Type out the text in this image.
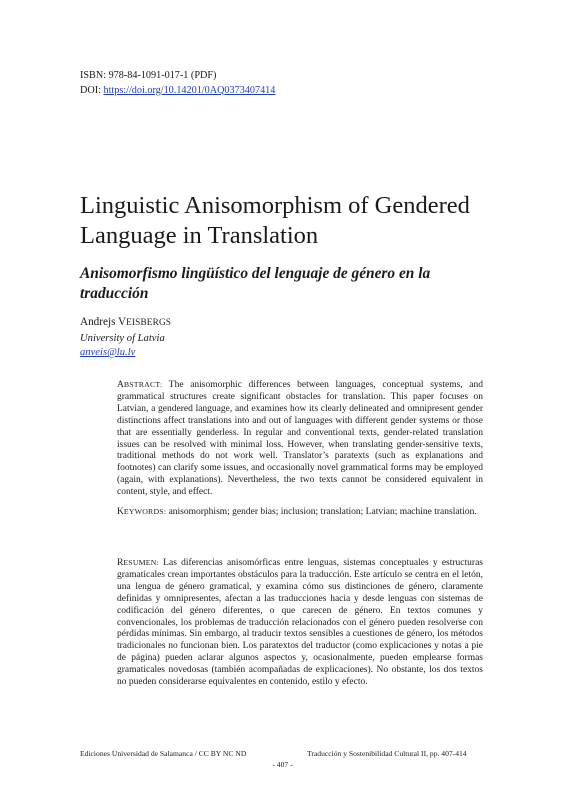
ISBN: 978-84-1091-017-1 (PDF)
DOI: https://doi.org/10.14201/0AQ0373407414
Linguistic Anisomorphism of Gendered Language in Translation
Anisomorfismo lingüístico del lenguaje de género en la traducción
Andrejs VEISBERGS
University of Latvia
anveis@lu.lv

ABSTRACT: The anisomorphic differences between languages, conceptual systems, and grammatical structures create significant obstacles for translation. This paper focuses on Latvian, a gendered language, and examines how its clearly delineated and omnipresent gender distinctions affect translations into and out of languages with different gender systems or those that are essentially genderless. In regular and conventional texts, gender-related translation issues can be resolved with minimal loss. However, when translating gender-sensitive texts, traditional methods do not work well. Translator’s paratexts (such as explanations and footnotes) can clarify some issues, and occasionally novel grammatical forms may be employed (again, with explanations). Nevertheless, the two texts cannot be considered equivalent in content, style, and effect.

KEYWORDS: anisomorphism; gender bias; inclusion; translation; Latvian; machine translation.

RESUMEN: Las diferencias anisomórficas entre lenguas, sistemas conceptuales y estructuras gramaticales crean importantes obstáculos para la traducción. Este artículo se centra en el letón, una lengua de género gramatical, y examina cómo sus distinciones de género, claramente definidas y omnipresentes, afectan a las traducciones hacia y desde lenguas con sistemas de codificación del género diferentes, o que carecen de género. En textos comunes y convencionales, los problemas de traducción relacionados con el género pueden resolverse con pérdidas mínimas. Sin embargo, al traducir textos sensibles a cuestiones de género, los métodos tradicionales no funcionan bien. Los paratextos del traductor (como explicaciones y notas a pie de página) pueden aclarar algunos aspectos y, ocasionalmente, pueden emplearse formas gramaticales novedosas (también acompañadas de explicaciones). No obstante, los dos textos no pueden considerarse equivalentes en contenido, estilo y efecto.

Ediciones Universidad de Salamanca / CC BY NC ND	Traducción y Sostenibilidad Cultural II, pp. 407-414
- 407 -
